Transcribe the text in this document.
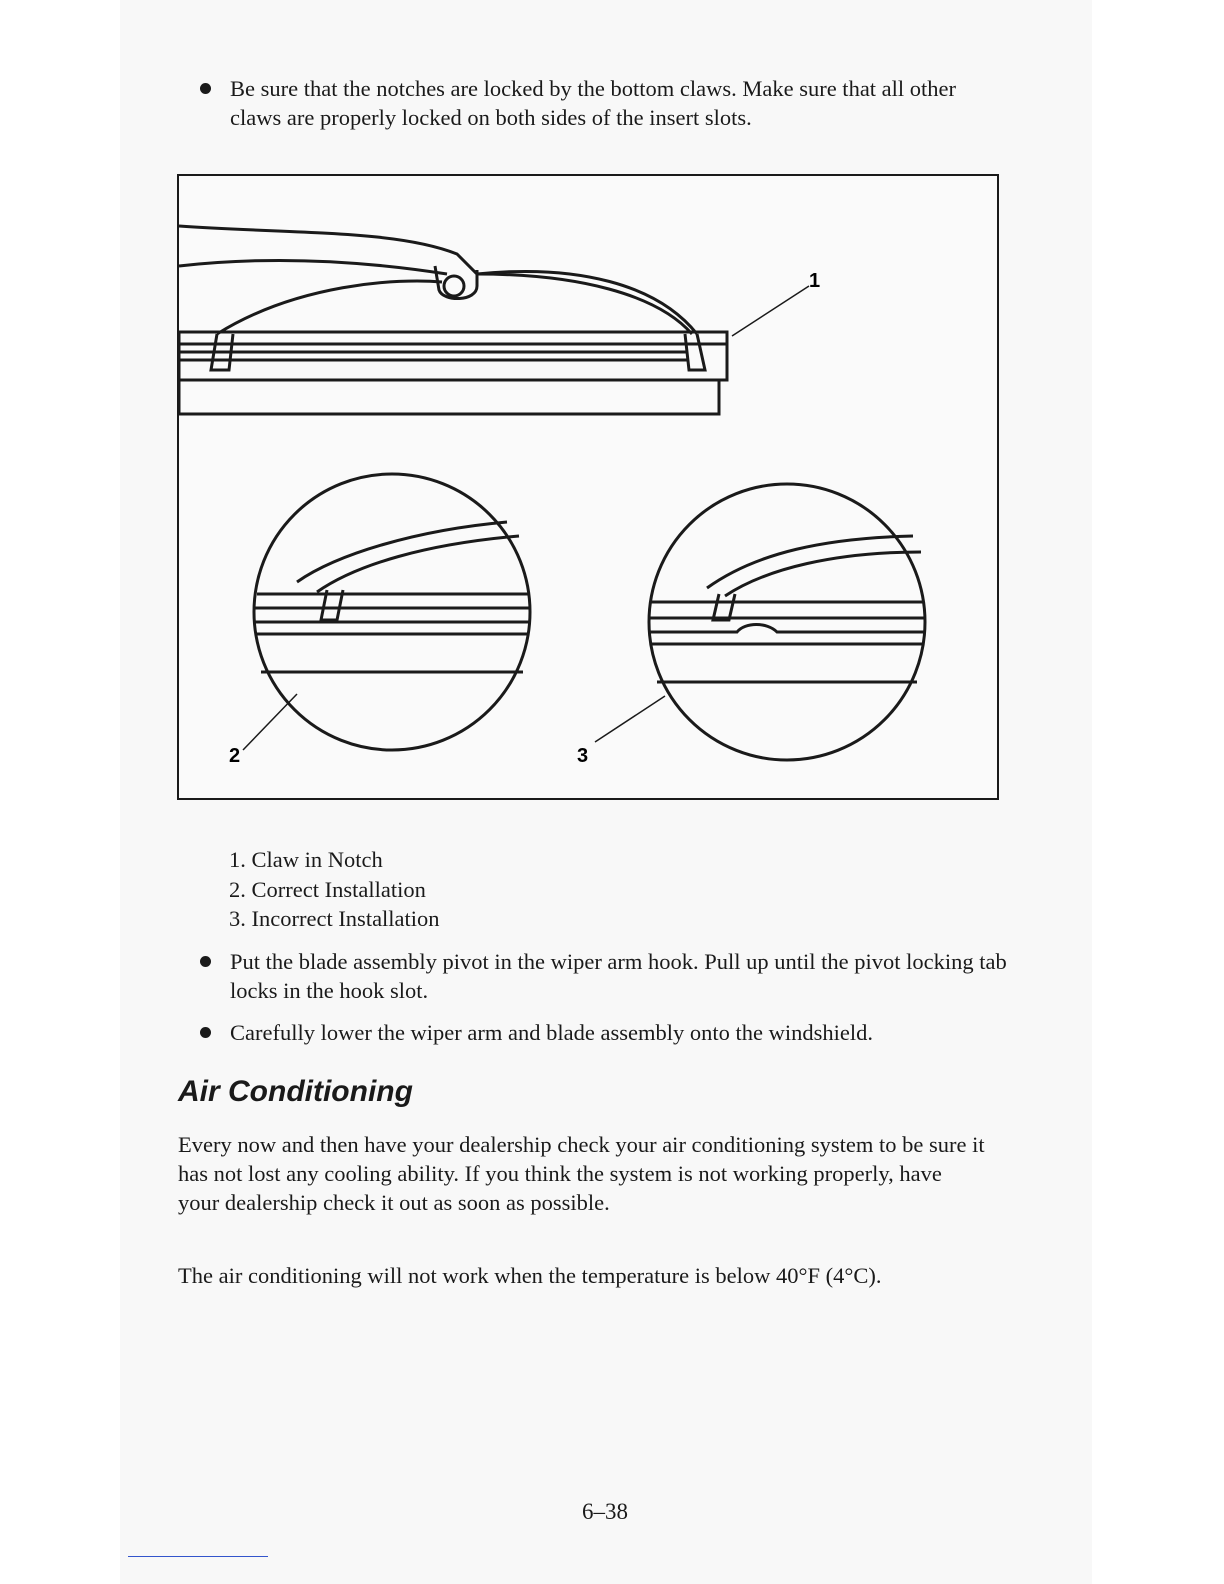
Be sure that the notches are locked by the bottom claws. Make sure that all other claws are properly locked on both sides of the insert slots.
1
2	3
1. Claw in Notch
2. Correct Installation
3. Incorrect Installation
Put the blade assembly pivot in the wiper arm hook. Pull up until the pivot locking tab locks in the hook slot.
Carefully lower the wiper arm and blade assembly onto the windshield.
Air Conditioning
Every now and then have your dealership check your air conditioning system to be sure it has not lost any cooling ability. If you think the system is not working properly, have your dealership check it out as soon as possible.
The air conditioning will not work when the temperature is below 40°F (4°C).
6–38
